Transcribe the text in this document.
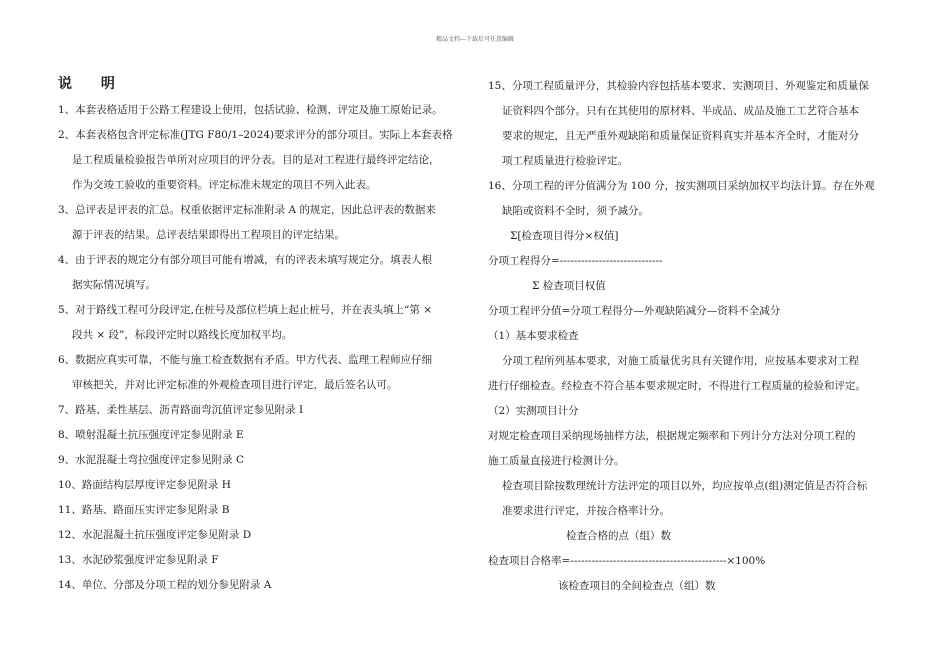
精品文档---下载后可任意编辑
说 明
1、本套表格适用于公路工程建设上使用，包括试验、检测、评定及施工原始记录。
2、本套表格包含评定标准(JTG F80/1–2024)要求评分的部分项目。实际上本套表格
是工程质量检验报告单所对应项目的评分表。目的是对工程进行最终评定结论，
作为交竣工验收的重要资料。评定标准未规定的项目不列入此表。
3、总评表是评表的汇总。权重依据评定标准附录 A 的规定，因此总评表的数据来
源于评表的结果。总评表结果即得出工程项目的评定结果。
4、由于评表的规定分有部分项目可能有增减，有的评表未填写规定分。填表人根
据实际情况填写。
5、对于路线工程可分段评定,在桩号及部位栏填上起止桩号，并在表头填上“第 ×
段共 × 段”，标段评定时以路线长度加权平均。
6、数据应真实可靠，不能与施工检查数据有矛盾。甲方代表、监理工程师应仔细
审核把关，并对比评定标准的外观检查项目进行评定，最后签名认可。
7、路基、柔性基层、沥青路面弯沉值评定参见附录 I
8、喷射混凝土抗压强度评定参见附录 E
9、水泥混凝土弯拉强度评定参见附录 C
10、路面结构层厚度评定参见附录 H
11、路基、路面压实评定参见附录 B
12、水泥混凝土抗压强度评定参见附录 D
13、水泥砂浆强度评定参见附录 F
14、单位、分部及分项工程的划分参见附录 A
15、分项工程质量评分，其检验内容包括基本要求、实测项目、外观鉴定和质量保
证资料四个部分。只有在其使用的原材料、半成品、成品及施工工艺符合基本
要求的规定，且无严重外观缺陷和质量保证资料真实并基本齐全时，才能对分
项工程质量进行检验评定。
16、分项工程的评分值满分为 100 分，按实测项目采纳加权平均法计算。存在外观
缺陷或资料不全时，须予减分。
Σ[检查项目得分×权值]
分项工程得分=-----------------------------
Σ 检查项目权值
分项工程评分值=分项工程得分—外观缺陷减分—资料不全减分
（1）基本要求检查
分项工程所列基本要求，对施工质量优劣具有关键作用，应按基本要求对工程
进行仔细检查。经检查不符合基本要求规定时，不得进行工程质量的检验和评定。
（2）实测项目计分
对规定检查项目采纳现场抽样方法，根据规定频率和下列计分方法对分项工程的
施工质量直接进行检测计分。
检查项目除按数理统计方法评定的项目以外，均应按单点(组)测定值是否符合标
准要求进行评定，并按合格率计分。
检查合格的点（组）数
检查项目合格率=--------------------------------------------×100%
该检查项目的全间检查点（组）数
